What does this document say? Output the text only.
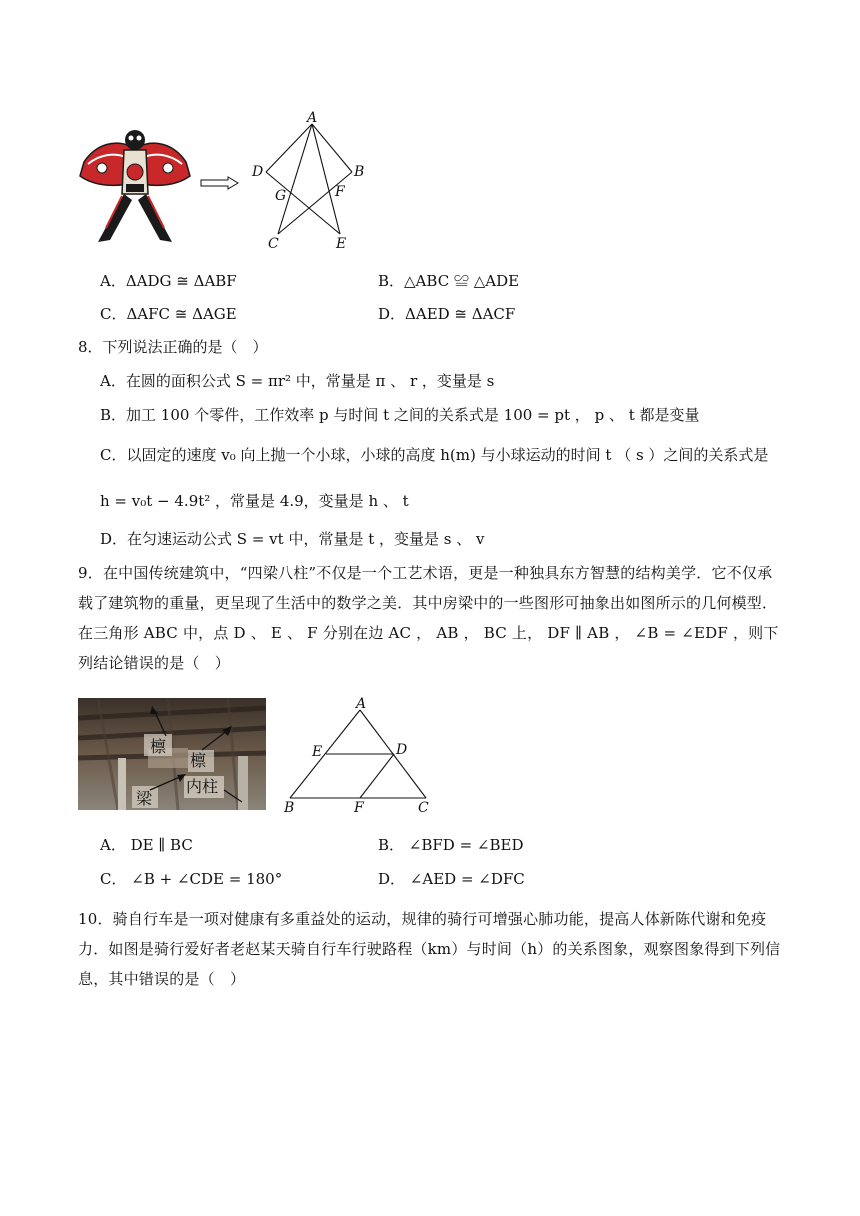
A
D	B
G	F
C	E
A．ΔADG ≅ ΔABF	B．△ABC ≌ △ADE
C．ΔAFC ≅ ΔAGE	D．ΔAED ≅ ΔACF
8．下列说法正确的是（　）
A．在圆的面积公式 S = πr² 中，常量是 π 、 r ，变量是 s
B．加工 100 个零件，工作效率 p 与时间 t 之间的关系式是 100 = pt ， p 、 t 都是变量
C．以固定的速度 v₀ 向上抛一个小球，小球的高度 h(m) 与小球运动的时间 t （ s ）之间的关系式是
h = v₀t − 4.9t² ，常量是 4.9，变量是 h 、 t
D．在匀速运动公式 S = vt 中，常量是 t ，变量是 s 、 v
9．在中国传统建筑中，“四梁八柱”不仅是一个工艺术语，更是一种独具东方智慧的结构美学．它不仅承载了建筑物的重量，更呈现了生活中的数学之美．其中房梁中的一些图形可抽象出如图所示的几何模型．在三角形 ABC 中，点 D 、 E 、 F 分别在边 AC ， AB ， BC 上， DF ∥ AB ， ∠B = ∠EDF ，则下列结论错误的是（　）
檩
檩
梁
内柱
A
E	D
B	F	C
A． DE ∥ BC	B． ∠BFD = ∠BED
C． ∠B + ∠CDE = 180°	D． ∠AED = ∠DFC
10．骑自行车是一项对健康有多重益处的运动，规律的骑行可增强心肺功能，提高人体新陈代谢和免疫力．如图是骑行爱好者老赵某天骑自行车行驶路程（km）与时间（h）的关系图象，观察图象得到下列信息，其中错误的是（　）
